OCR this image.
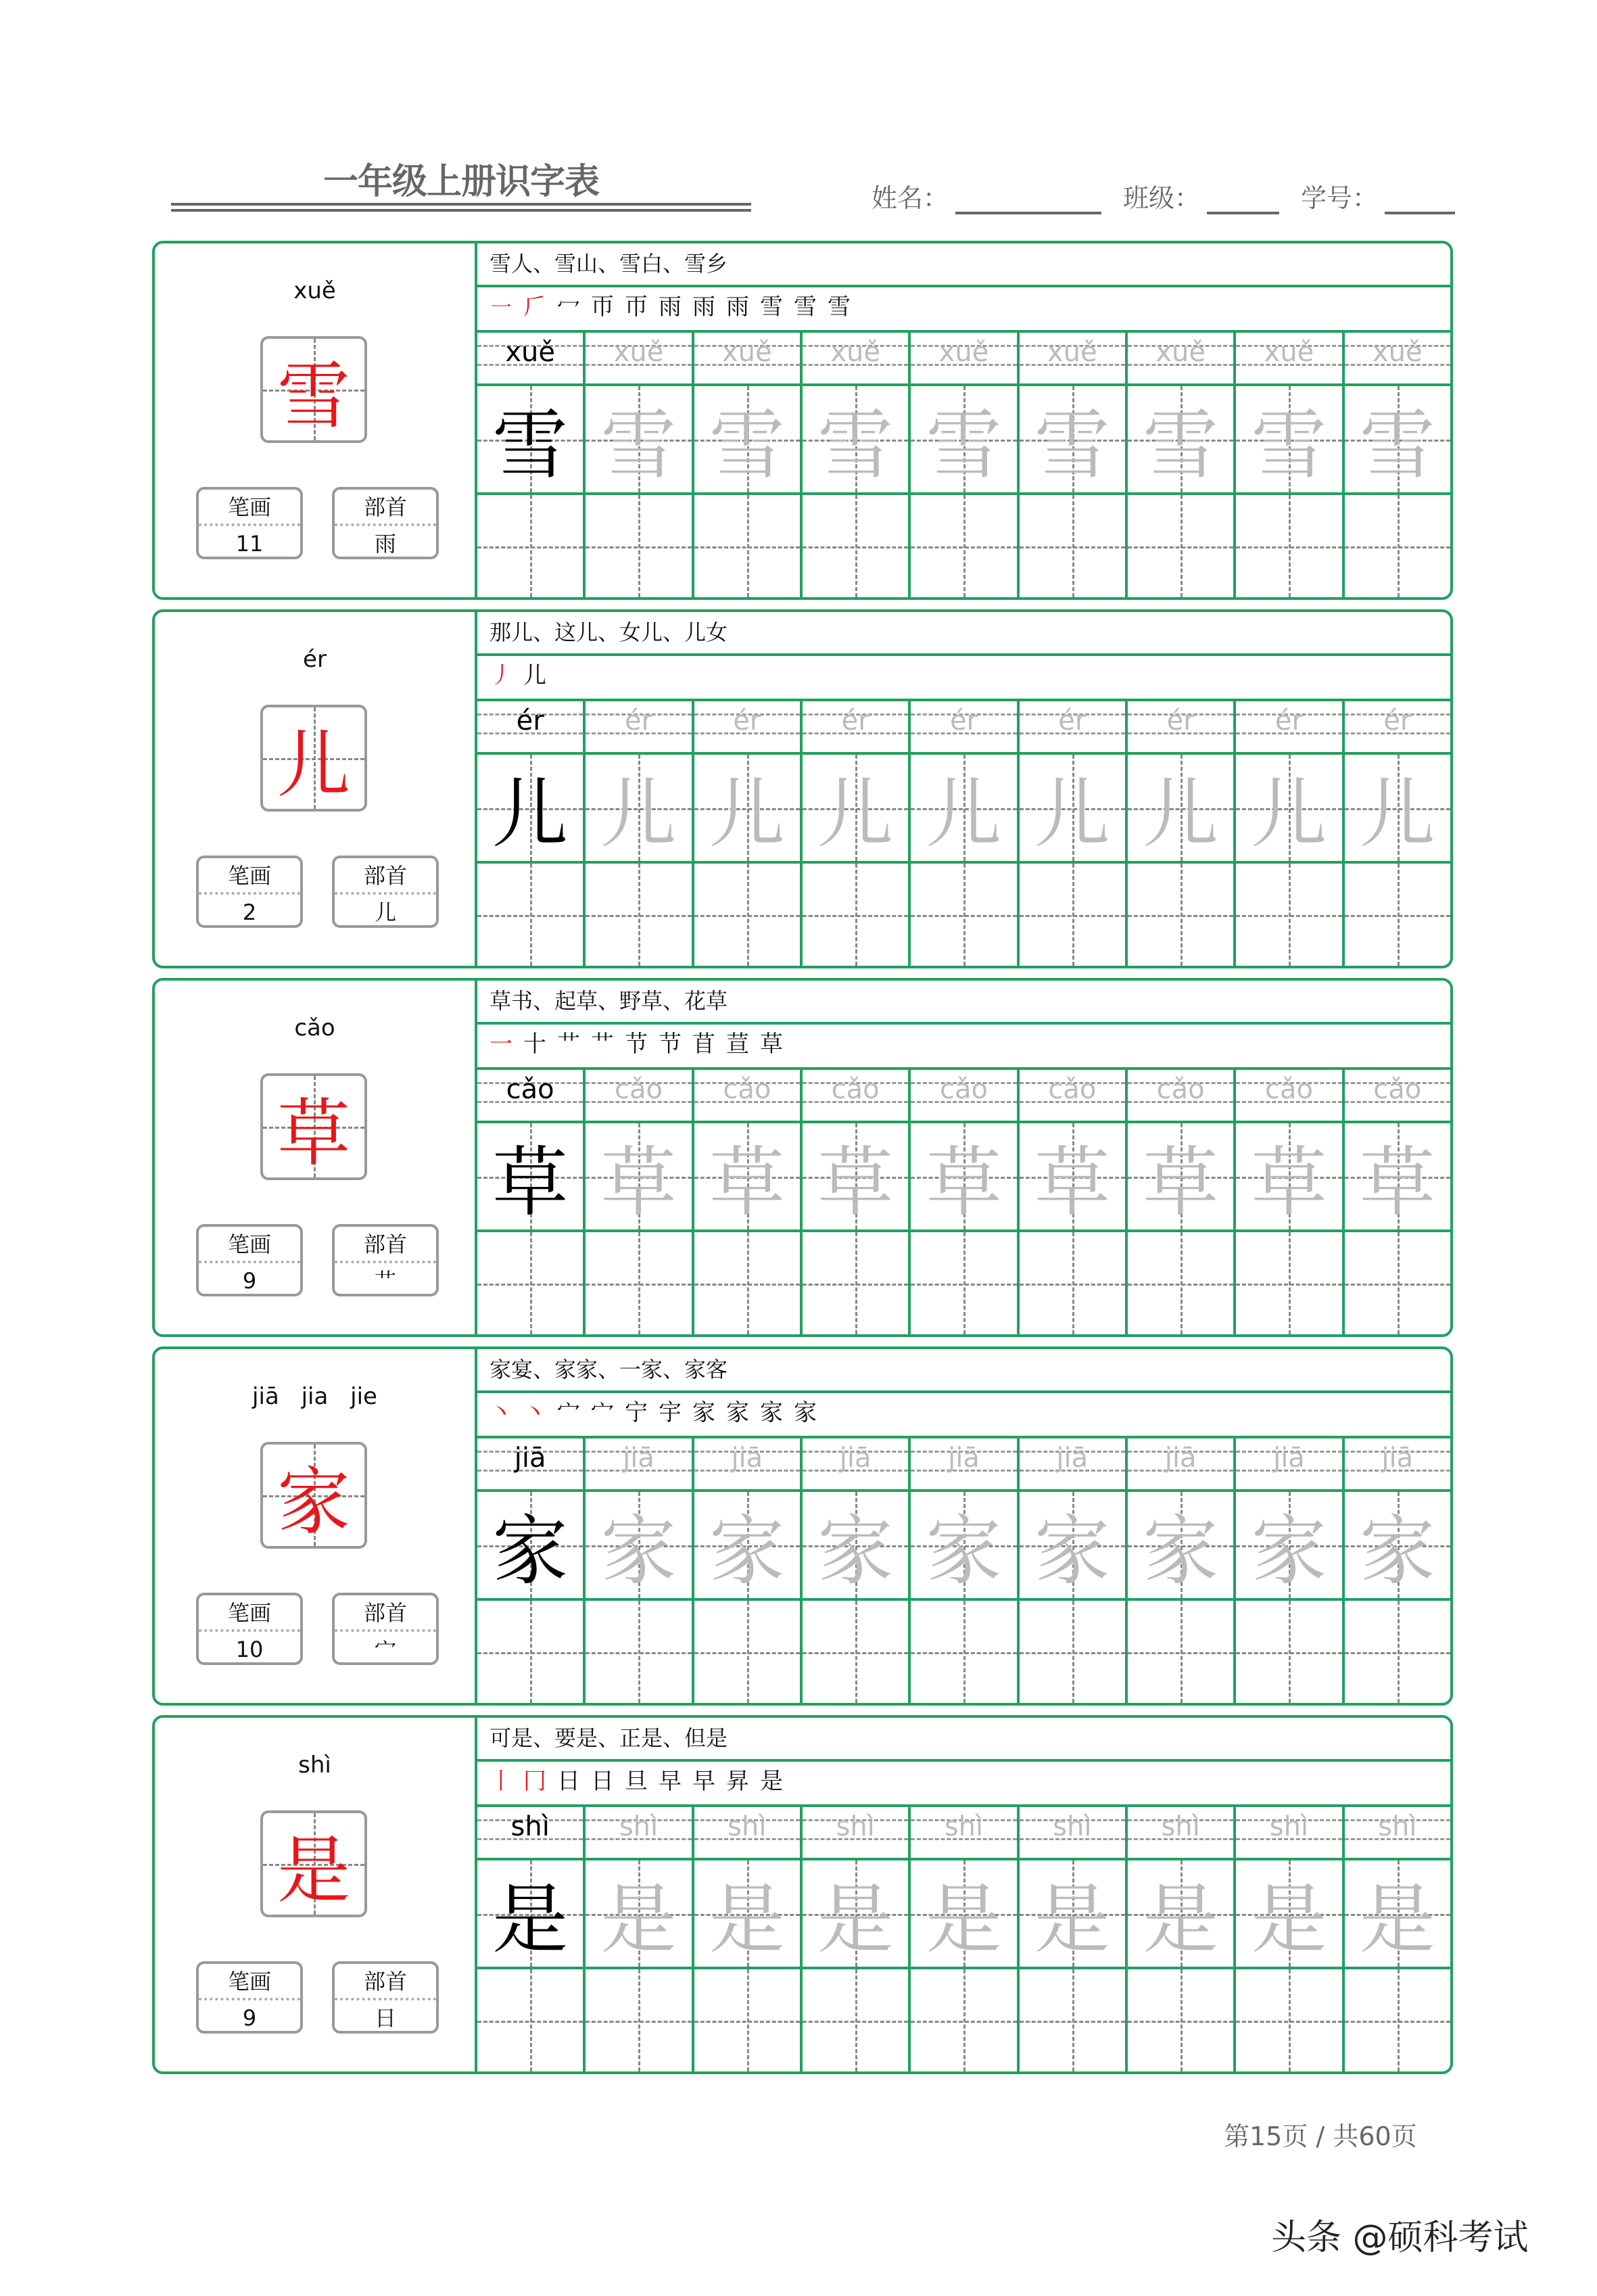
一年级上册识字表	姓名：	班级：	学号：
xuě
雪
笔画
11
部首
雨
雪人、雪山、雪白、雪乡
㇐ 𠂆 冖 帀 帀 雨 雨 雨 雪 雪 雪
xuě	xuě	xuě	xuě	xuě	xuě	xuě	xuě	xuě
雪 雪 雪 雪 雪 雪 雪 雪 雪
ér
儿
笔画
2
部首
儿
那儿、这儿、女儿、儿女
丿 儿
ér	ér	ér	ér	ér	ér	ér	ér	ér
儿 儿 儿 儿 儿 儿 儿 儿 儿
cǎo
草
笔画
9
部首
艹
草书、起草、野草、花草
一 十 艹 艹 节 节 苜 荁 草
cǎo	cǎo	cǎo	cǎo	cǎo	cǎo	cǎo	cǎo	cǎo
草 草 草 草 草 草 草 草 草
jiā jia jie
家
笔画
10
部首
宀
家宴、家家、一家、家客
丶 丶 宀 宀 宁 宇 家 家 家 家
jiā	jiā	jiā	jiā	jiā	jiā	jiā	jiā	jiā
家 家 家 家 家 家 家 家 家
shì
是
笔画
9
部首
日
可是、要是、正是、但是
丨 冂 日 日 旦 早 早 昇 是
shì	shì	shì	shì	shì	shì	shì	shì	shì
是 是 是 是 是 是 是 是 是
第15页 / 共60页
头条 @硕科考试
